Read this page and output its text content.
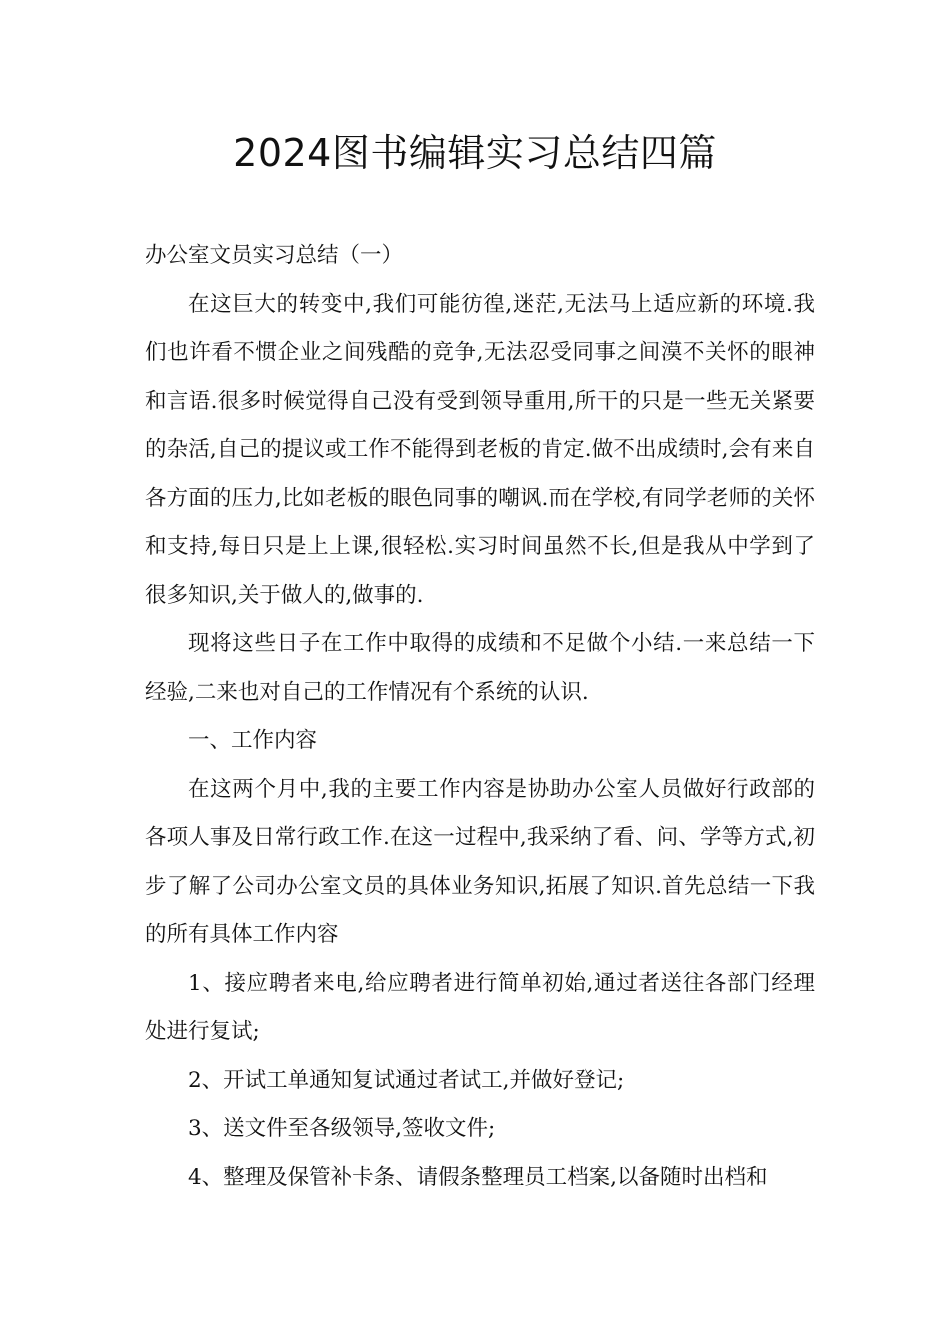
2024图书编辑实习总结四篇

办公室文员实习总结（一）

在这巨大的转变中,我们可能彷徨,迷茫,无法马上适应新的环境.我们也许看不惯企业之间残酷的竞争,无法忍受同事之间漠不关怀的眼神和言语.很多时候觉得自己没有受到领导重用,所干的只是一些无关紧要的杂活,自己的提议或工作不能得到老板的肯定.做不出成绩时,会有来自各方面的压力,比如老板的眼色同事的嘲讽.而在学校,有同学老师的关怀和支持,每日只是上上课,很轻松.实习时间虽然不长,但是我从中学到了很多知识,关于做人的,做事的.

现将这些日子在工作中取得的成绩和不足做个小结.一来总结一下经验,二来也对自己的工作情况有个系统的认识.

一、工作内容

在这两个月中,我的主要工作内容是协助办公室人员做好行政部的各项人事及日常行政工作.在这一过程中,我采纳了看、问、学等方式,初步了解了公司办公室文员的具体业务知识,拓展了知识.首先总结一下我的所有具体工作内容

1、接应聘者来电,给应聘者进行简单初始,通过者送往各部门经理处进行复试;

2、开试工单通知复试通过者试工,并做好登记;

3、送文件至各级领导,签收文件;

4、整理及保管补卡条、请假条整理员工档案,以备随时出档和
